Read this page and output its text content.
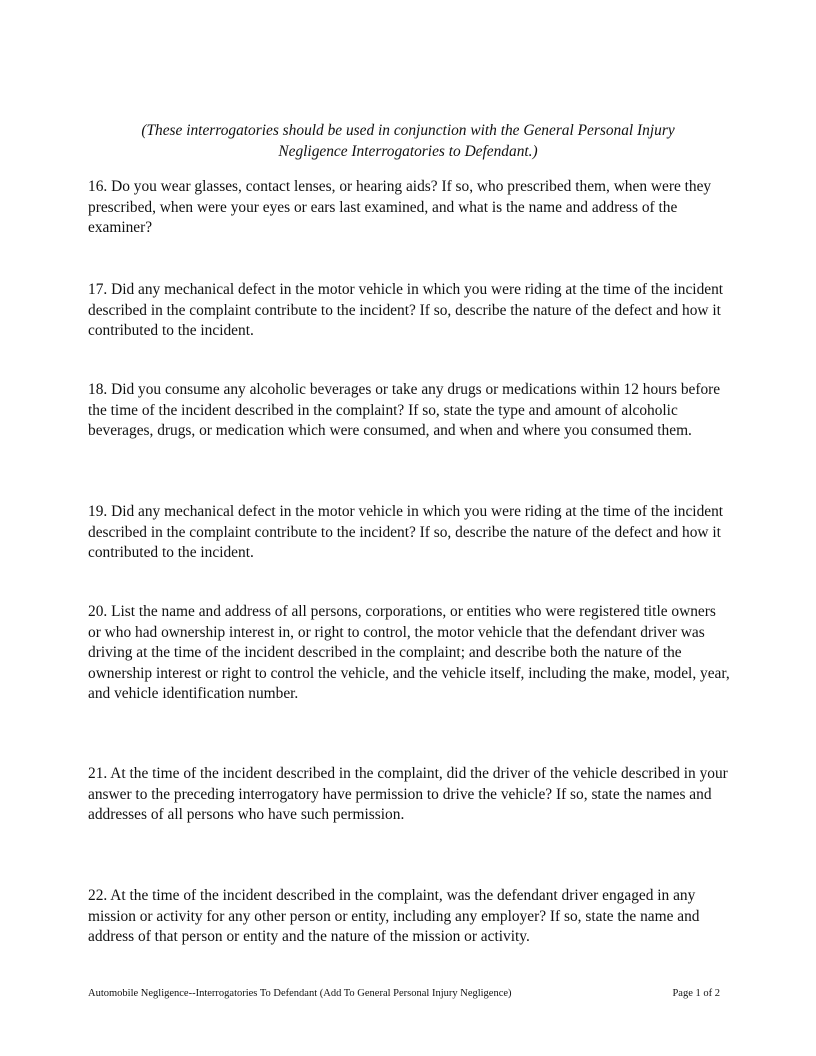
(These interrogatories should be used in conjunction with the General Personal Injury Negligence Interrogatories to Defendant.)

16. Do you wear glasses, contact lenses, or hearing aids? If so, who prescribed them, when were they prescribed, when were your eyes or ears last examined, and what is the name and address of the examiner?

17. Did any mechanical defect in the motor vehicle in which you were riding at the time of the incident described in the complaint contribute to the incident? If so, describe the nature of the defect and how it contributed to the incident.

18. Did you consume any alcoholic beverages or take any drugs or medications within 12 hours before the time of the incident described in the complaint? If so, state the type and amount of alcoholic beverages, drugs, or medication which were consumed, and when and where you consumed them.

19. Did any mechanical defect in the motor vehicle in which you were riding at the time of the incident described in the complaint contribute to the incident? If so, describe the nature of the defect and how it contributed to the incident.

20. List the name and address of all persons, corporations, or entities who were registered title owners or who had ownership interest in, or right to control, the motor vehicle that the defendant driver was driving at the time of the incident described in the complaint; and describe both the nature of the ownership interest or right to control the vehicle, and the vehicle itself, including the make, model, year, and vehicle identification number.

21. At the time of the incident described in the complaint, did the driver of the vehicle described in your answer to the preceding interrogatory have permission to drive the vehicle? If so, state the names and addresses of all persons who have such permission.

22. At the time of the incident described in the complaint, was the defendant driver engaged in any mission or activity for any other person or entity, including any employer? If so, state the name and address of that person or entity and the nature of the mission or activity.

Automobile Negligence--Interrogatories To Defendant (Add To General Personal Injury Negligence)	Page 1 of 2
